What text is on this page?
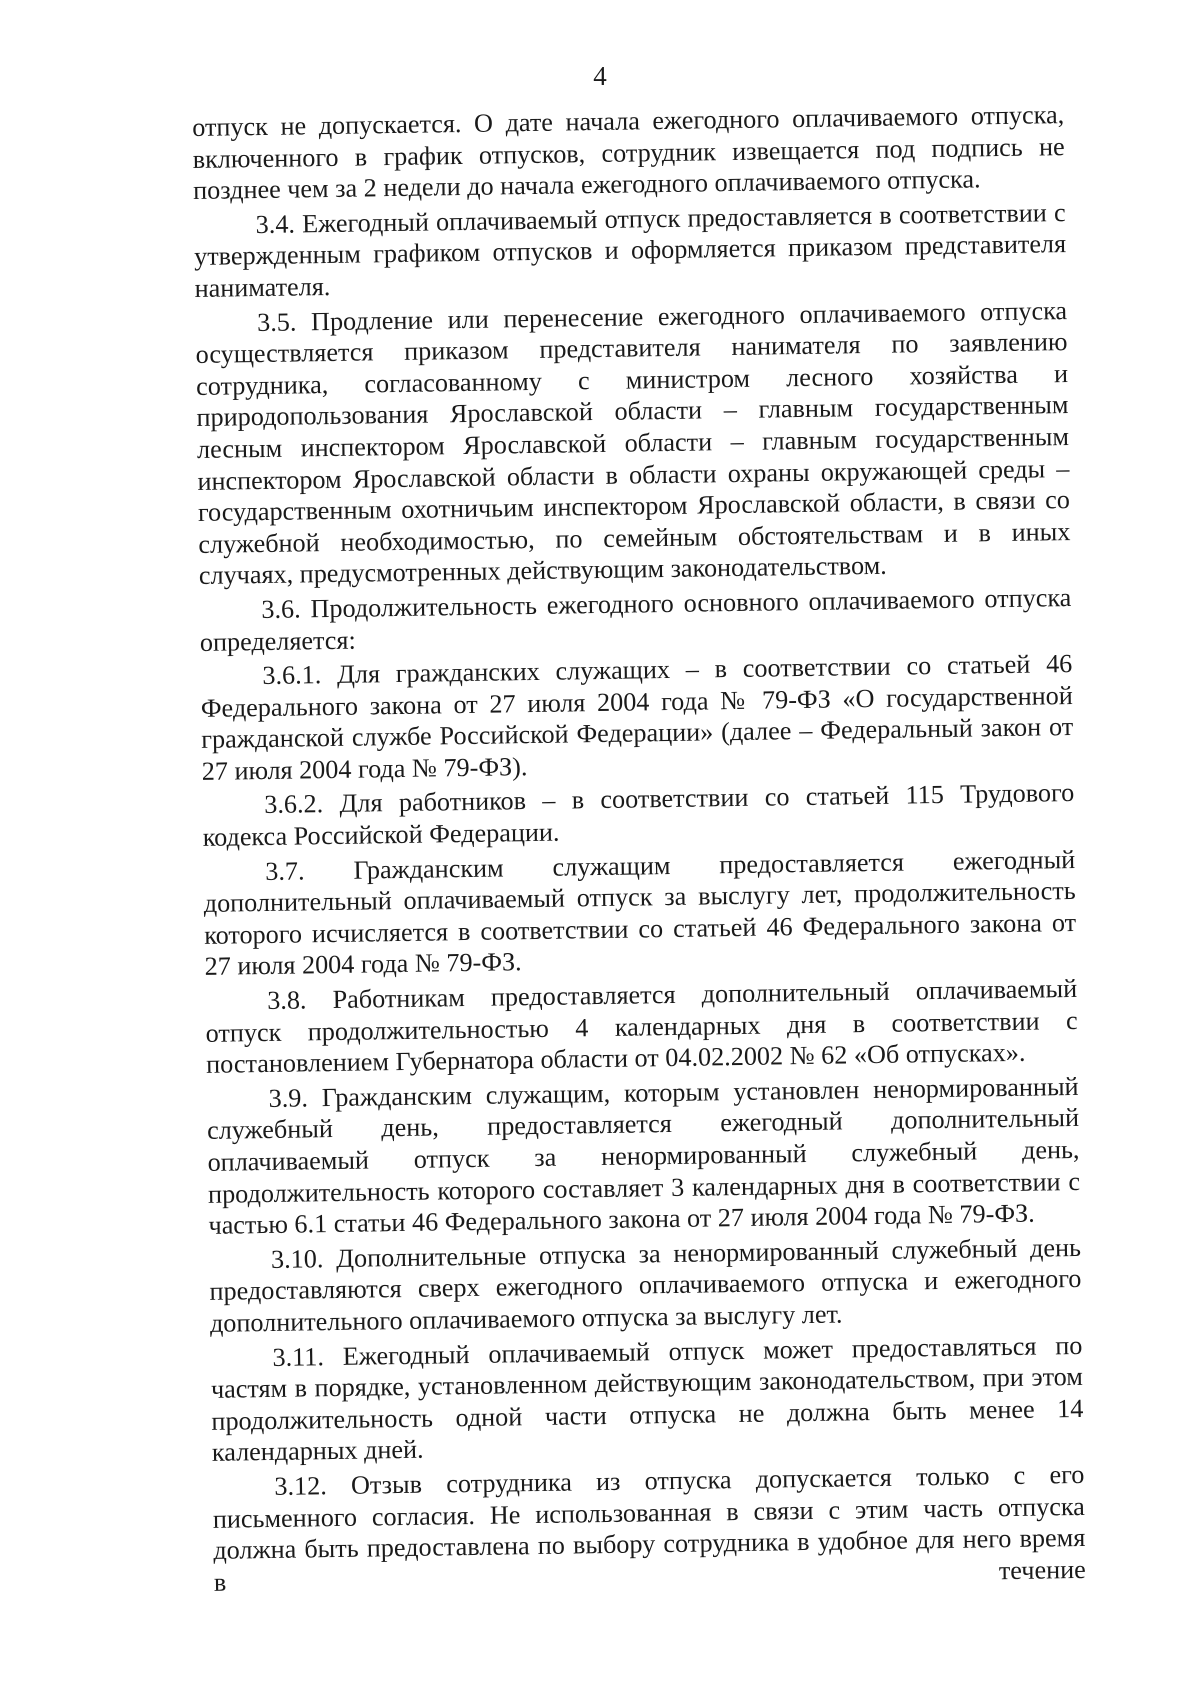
4

отпуск не допускается. О дате начала ежегодного оплачиваемого отпуска, включенного в график отпусков, сотрудник извещается под подпись не позднее чем за 2 недели до начала ежегодного оплачиваемого отпуска.

3.4. Ежегодный оплачиваемый отпуск предоставляется в соответствии с утвержденным графиком отпусков и оформляется приказом представителя нанимателя.

3.5. Продление или перенесение ежегодного оплачиваемого отпуска осуществляется приказом представителя нанимателя по заявлению сотрудника, согласованному с министром лесного хозяйства и природопользования Ярославской области – главным государственным лесным инспектором Ярославской области – главным государственным инспектором Ярославской области в области охраны окружающей среды – государственным охотничьим инспектором Ярославской области, в связи со служебной необходимостью, по семейным обстоятельствам и в иных случаях, предусмотренных действующим законодательством.

3.6. Продолжительность ежегодного основного оплачиваемого отпуска определяется:

3.6.1. Для гражданских служащих – в соответствии со статьей 46 Федерального закона от 27 июля 2004 года № 79-ФЗ «О государственной гражданской службе Российской Федерации» (далее – Федеральный закон от 27 июля 2004 года № 79-ФЗ).

3.6.2. Для работников – в соответствии со статьей 115 Трудового кодекса Российской Федерации.

3.7. Гражданским служащим предоставляется ежегодный дополнительный оплачиваемый отпуск за выслугу лет, продолжительность которого исчисляется в соответствии со статьей 46 Федерального закона от 27 июля 2004 года № 79-ФЗ.

3.8. Работникам предоставляется дополнительный оплачиваемый отпуск продолжительностью 4 календарных дня в соответствии с постановлением Губернатора области от 04.02.2002 № 62 «Об отпусках».

3.9. Гражданским служащим, которым установлен ненормированный служебный день, предоставляется ежегодный дополнительный оплачиваемый отпуск за ненормированный служебный день, продолжительность которого составляет 3 календарных дня в соответствии с частью 6.1 статьи 46 Федерального закона от 27 июля 2004 года № 79-ФЗ.

3.10. Дополнительные отпуска за ненормированный служебный день предоставляются сверх ежегодного оплачиваемого отпуска и ежегодного дополнительного оплачиваемого отпуска за выслугу лет.

3.11. Ежегодный оплачиваемый отпуск может предоставляться по частям в порядке, установленном действующим законодательством, при этом продолжительность одной части отпуска не должна быть менее 14 календарных дней.

3.12. Отзыв сотрудника из отпуска допускается только с его письменного согласия. Не использованная в связи с этим часть отпуска должна быть предоставлена по выбору сотрудника в удобное для него время в течение
